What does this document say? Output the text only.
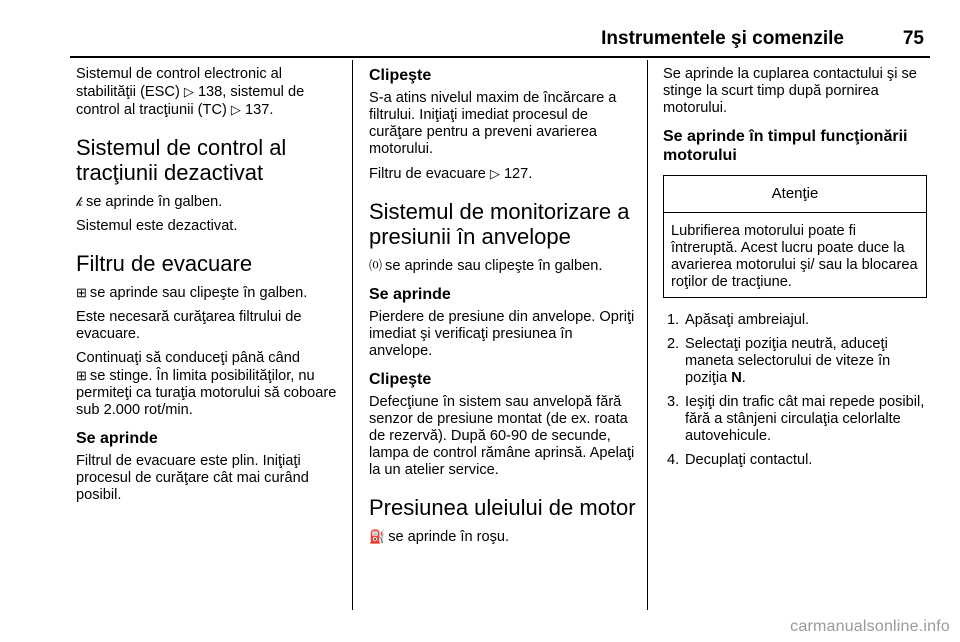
Instrumentele şi comenzile	75

Sistemul de control electronic al stabilităţii (ESC) ▷ 138, sistemul de control al tracţiunii (TC) ▷ 137.

Sistemul de control al tracţiunii dezactivat

𝓀 se aprinde în galben.

Sistemul este dezactivat.

Filtru de evacuare

⊞ se aprinde sau clipeşte în galben.

Este necesară curăţarea filtrului de evacuare.

Continuaţi să conduceţi până când
⊞ se stinge. În limita posibilităţilor, nu permiteţi ca turaţia motorului să coboare sub 2.000 rot/min.

Se aprinde

Filtrul de evacuare este plin. Iniţiaţi procesul de curăţare cât mai curând posibil.

Clipeşte

S-a atins nivelul maxim de încărcare a filtrului. Iniţiaţi imediat procesul de curăţare pentru a preveni avarierea motorului.

Filtru de evacuare ▷ 127.

Sistemul de monitorizare a presiunii în anvelope

⒪ se aprinde sau clipeşte în galben.

Se aprinde

Pierdere de presiune din anvelope. Opriţi imediat şi verificaţi presiunea în anvelope.

Clipeşte

Defecţiune în sistem sau anvelopă fără senzor de presiune montat (de ex. roata de rezervă). După 60-90 de secunde, lampa de control rămâne aprinsă. Apelaţi la un atelier service.

Presiunea uleiului de motor

⛽ se aprinde în roşu.

Se aprinde la cuplarea contactului şi se stinge la scurt timp după pornirea motorului.

Se aprinde în timpul funcţionării motorului
Atenţie
Lubrifierea motorului poate fi întreruptă. Acest lucru poate duce la avarierea motorului şi/ sau la blocarea roţilor de tracţiune.
1. Apăsaţi ambreiajul.
2. Selectaţi poziţia neutră, aduceţi maneta selectorului de viteze în poziţia N.
3. Ieşiţi din trafic cât mai repede posibil, fără a stânjeni circulaţia celorlalte autovehicule.
4. Decuplaţi contactul.
carmanualsonline.info
